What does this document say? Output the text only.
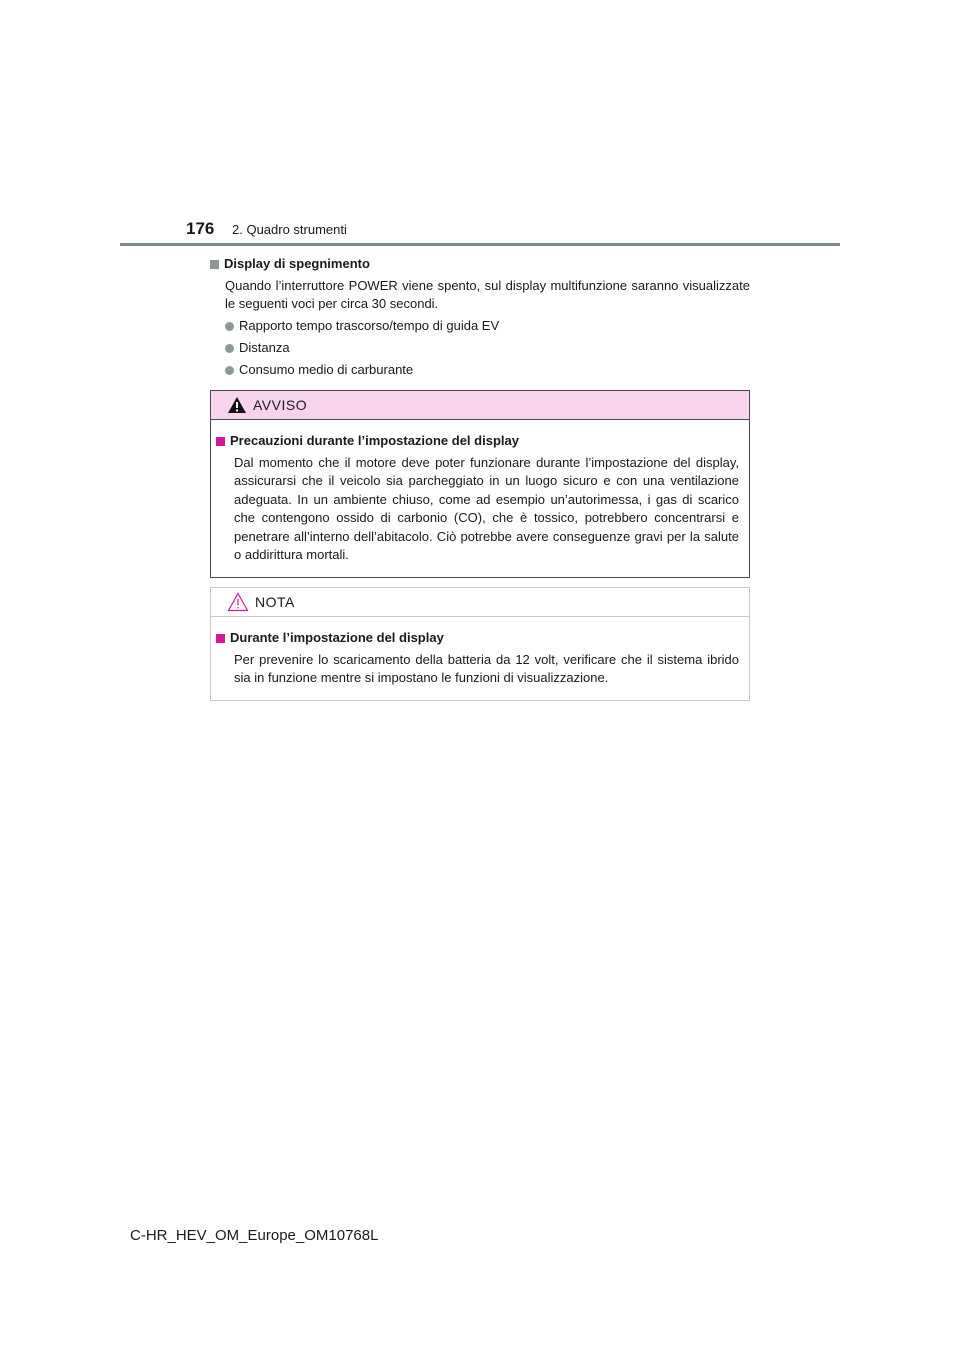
176 2. Quadro strumenti
Display di spegnimento
Quando l’interruttore POWER viene spento, sul display multifunzione saranno visualizzate le seguenti voci per circa 30 secondi.
Rapporto tempo trascorso/tempo di guida EV
Distanza
Consumo medio di carburante
AVVISO
Precauzioni durante l’impostazione del display
Dal momento che il motore deve poter funzionare durante l’impostazione del display, assicurarsi che il veicolo sia parcheggiato in un luogo sicuro e con una ventilazione adeguata. In un ambiente chiuso, come ad esempio un’autorimessa, i gas di scarico che contengono ossido di carbonio (CO), che è tossico, potrebbero concentrarsi e penetrare all’interno dell’abitacolo. Ciò potrebbe avere conseguenze gravi per la salute o addirittura mortali.
NOTA
Durante l’impostazione del display
Per prevenire lo scaricamento della batteria da 12 volt, verificare che il sistema ibrido sia in funzione mentre si impostano le funzioni di visualizzazione.
C-HR_HEV_OM_Europe_OM10768L
